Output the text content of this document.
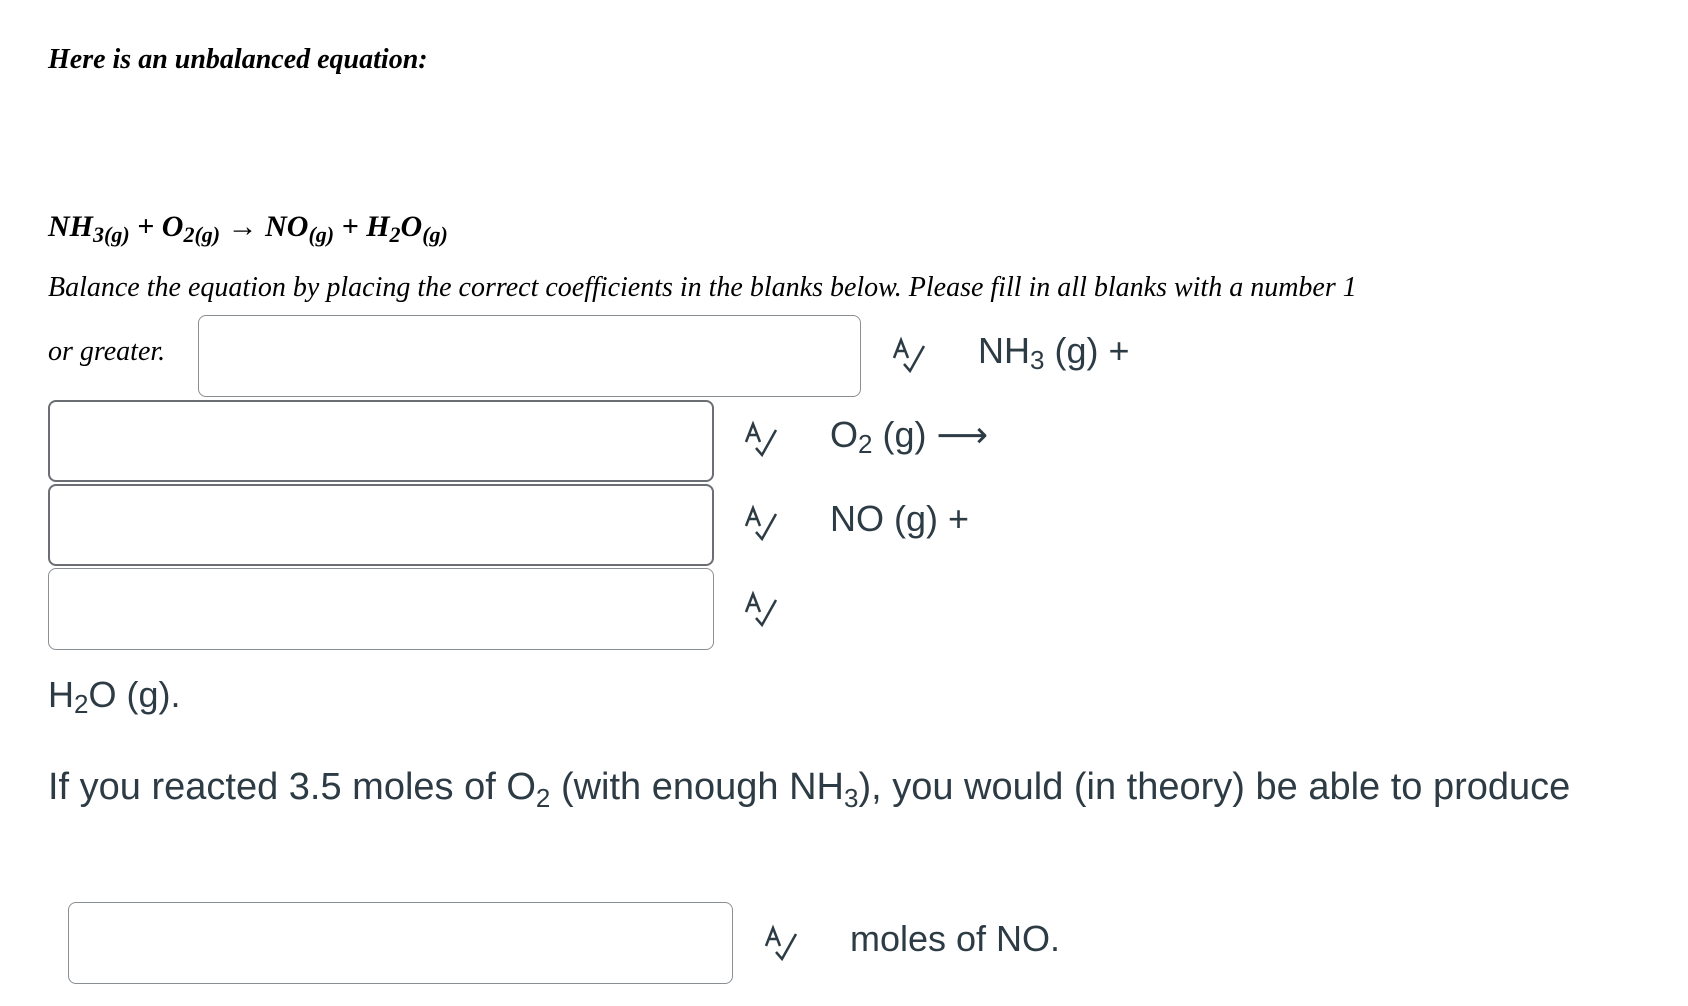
Here is an unbalanced equation:
$NH_{3(g)} + O_{2(g)} \to NO_{(g)} + H_2O_{(g)}$
Balance the equation by placing the correct coefficients in the blanks below. Please fill in all blanks with a number 1
or greater.	$NH_3$ (g) +
$O_2$ (g) ⟶
NO (g) +
$H_2O$ (g).
If you reacted 3.5 moles of $O_2$ (with enough $NH_3$), you would (in theory) be able to produce
moles of NO.
